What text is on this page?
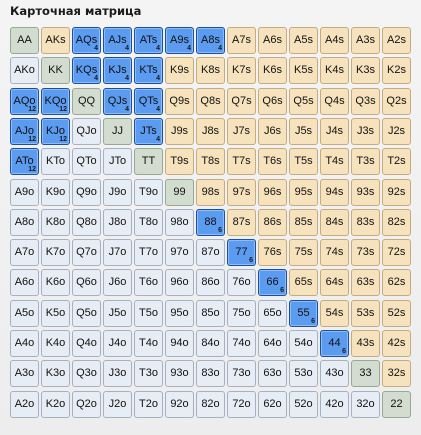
Карточная матрица
AA AKs AQs
4
AJs
4
ATs
4
A9s
4
A8s
4
A7s A6s A5s A4s A3s A2s
AKo KK KQs
4
KJs
4
KTs
4
K9s K8s K7s K6s K5s K4s K3s K2s
AQo
12
KQo
12
QQ QJs
4
QTs
4
Q9s Q8s Q7s Q6s Q5s Q4s Q3s Q2s
AJo
12
KJo
12
QJo JJ JTs
4
J9s J8s J7s J6s J5s J4s J3s J2s
ATo
12
KTo QTo JTo TT T9s T8s T7s T6s T5s T4s T3s T2s
A9o K9o Q9o J9o T9o 99 98s 97s 96s 95s 94s 93s 92s
A8o K8o Q8o J8o T8o 98o 88
6
87s 86s 85s 84s 83s 82s
A7o K7o Q7o J7o T7o 97o 87o 77
6
76s 75s 74s 73s 72s
A6o K6o Q6o J6o T6o 96o 86o 76o 66
6
65s 64s 63s 62s
A5o K5o Q5o J5o T5o 95o 85o 75o 65o 55
6
54s 53s 52s
A4o K4o Q4o J4o T4o 94o 84o 74o 64o 54o 44
6
43s 42s
A3o K3o Q3o J3o T3o 93o 83o 73o 63o 53o 43o 33 32s
A2o K2o Q2o J2o T2o 92o 82o 72o 62o 52o 42o 32o 22
